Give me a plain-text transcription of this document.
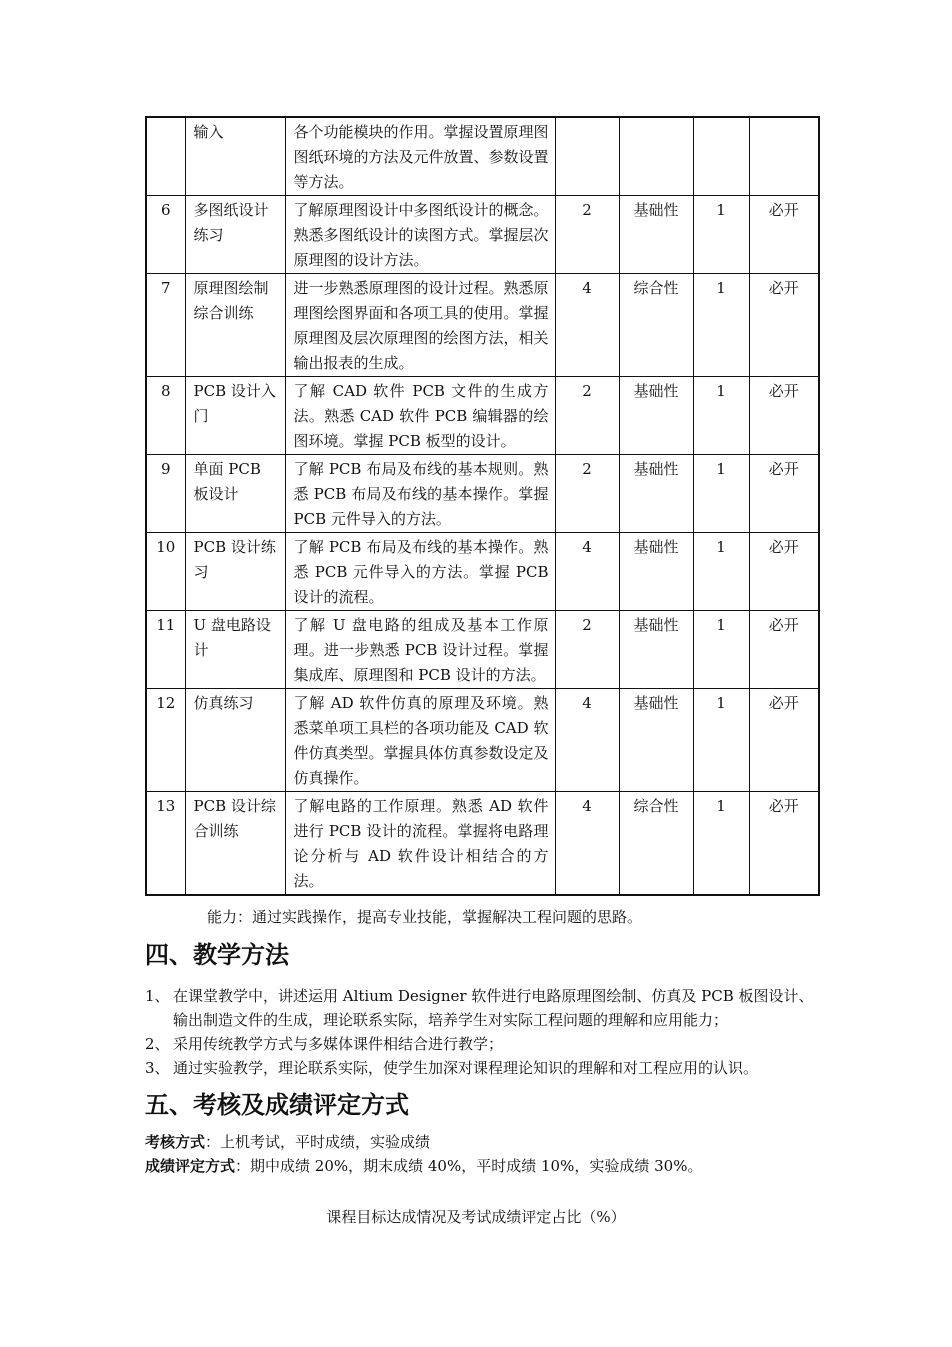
	输入	各个功能模块的作用。掌握设置原理图图纸环境的方法及元件放置、参数设置等方法。				
6	多图纸设计练习	了解原理图设计中多图纸设计的概念。熟悉多图纸设计的读图方式。掌握层次原理图的设计方法。	2	基础性	1	必开
7	原理图绘制综合训练	进一步熟悉原理图的设计过程。熟悉原理图绘图界面和各项工具的使用。掌握原理图及层次原理图的绘图方法，相关输出报表的生成。	4	综合性	1	必开
8	PCB 设计入门	了解 CAD 软件 PCB 文件的生成方法。熟悉 CAD 软件 PCB 编辑器的绘图环境。掌握 PCB 板型的设计。	2	基础性	1	必开
9	单面 PCB 板设计	了解 PCB 布局及布线的基本规则。熟悉 PCB 布局及布线的基本操作。掌握 PCB 元件导入的方法。	2	基础性	1	必开
10	PCB 设计练习	了解 PCB 布局及布线的基本操作。熟悉 PCB 元件导入的方法。掌握 PCB 设计的流程。	4	基础性	1	必开
11	U 盘电路设计	了解 U 盘电路的组成及基本工作原理。进一步熟悉 PCB 设计过程。掌握集成库、原理图和 PCB 设计的方法。	2	基础性	1	必开
12	仿真练习	了解 AD 软件仿真的原理及环境。熟悉菜单项工具栏的各项功能及 CAD 软件仿真类型。掌握具体仿真参数设定及仿真操作。	4	基础性	1	必开
13	PCB 设计综合训练	了解电路的工作原理。熟悉 AD 软件进行 PCB 设计的流程。掌握将电路理论分析与 AD 软件设计相结合的方法。	4	综合性	1	必开
能力：通过实践操作，提高专业技能，掌握解决工程问题的思路。
四、教学方法
1、 在课堂教学中，讲述运用 Altium Designer 软件进行电路原理图绘制、仿真及 PCB 板图设计、输出制造文件的生成，理论联系实际，培养学生对实际工程问题的理解和应用能力；
2、 采用传统教学方式与多媒体课件相结合进行教学；
3、 通过实验教学，理论联系实际，使学生加深对课程理论知识的理解和对工程应用的认识。
五、考核及成绩评定方式
考核方式：上机考试，平时成绩，实验成绩
成绩评定方式：期中成绩 20%，期末成绩 40%，平时成绩 10%，实验成绩 30%。
课程目标达成情况及考试成绩评定占比（%）
